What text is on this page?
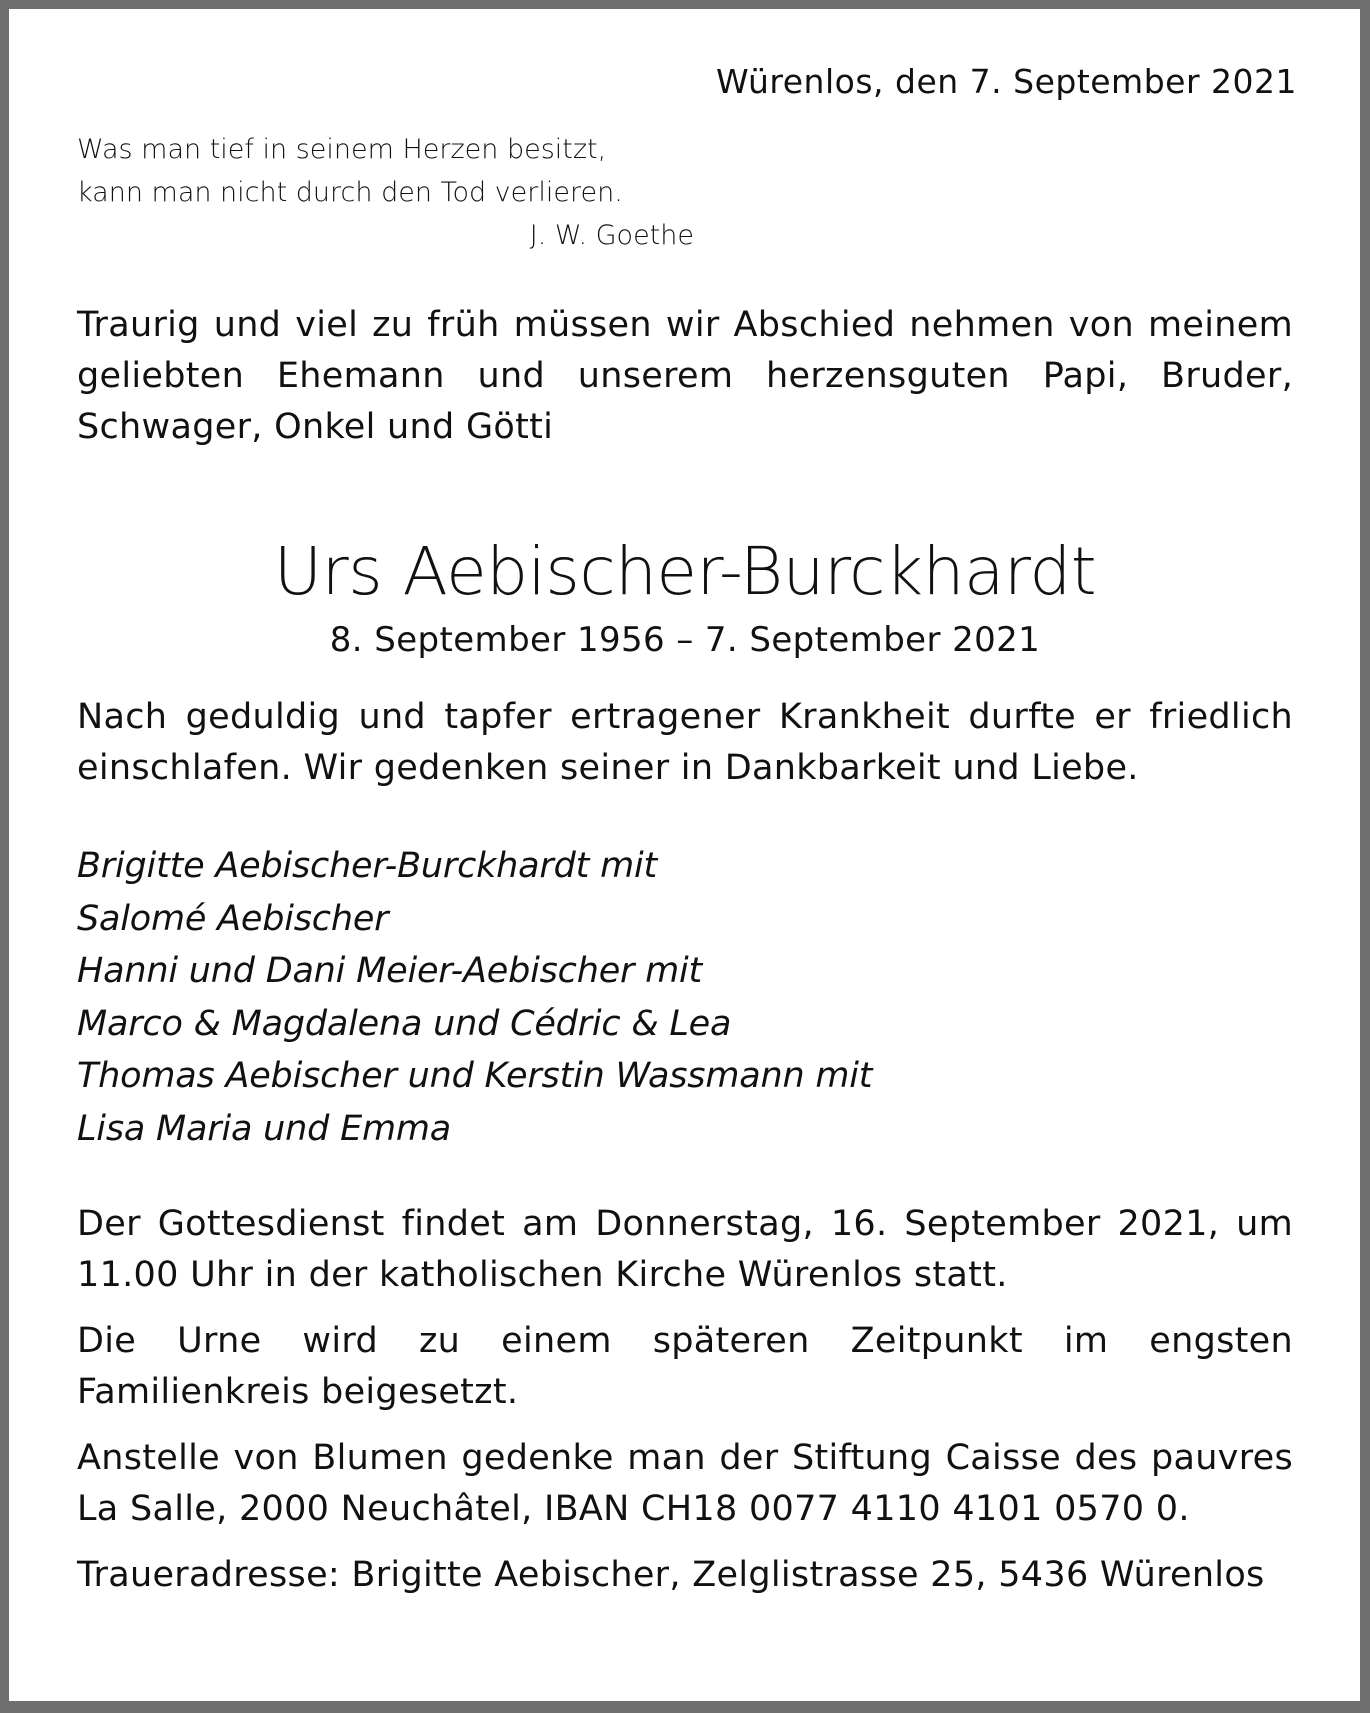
Würenlos, den 7. September 2021
Was man tief in seinem Herzen besitzt,
kann man nicht durch den Tod verlieren.
J. W. Goethe
Traurig und viel zu früh müssen wir Abschied nehmen von meinem geliebten Ehemann und unserem herzensguten Papi, Bruder, Schwager, Onkel und Götti
Urs Aebischer-Burckhardt
8. September 1956 – 7. September 2021
Nach geduldig und tapfer ertragener Krankheit durfte er friedlich einschlafen. Wir gedenken seiner in Dankbarkeit und Liebe.
Brigitte Aebischer-Burckhardt mit
Salomé Aebischer
Hanni und Dani Meier-Aebischer mit
Marco & Magdalena und Cédric & Lea
Thomas Aebischer und Kerstin Wassmann mit
Lisa Maria und Emma
Der Gottesdienst findet am Donnerstag, 16. September 2021, um 11.00 Uhr in der katholischen Kirche Würenlos statt.
Die Urne wird zu einem späteren Zeitpunkt im engsten Familienkreis beigesetzt.
Anstelle von Blumen gedenke man der Stiftung Caisse des pauvres La Salle, 2000 Neuchâtel, IBAN CH18 0077 4110 4101 0570 0.
Traueradresse: Brigitte Aebischer, Zelglistrasse 25, 5436 Würenlos
